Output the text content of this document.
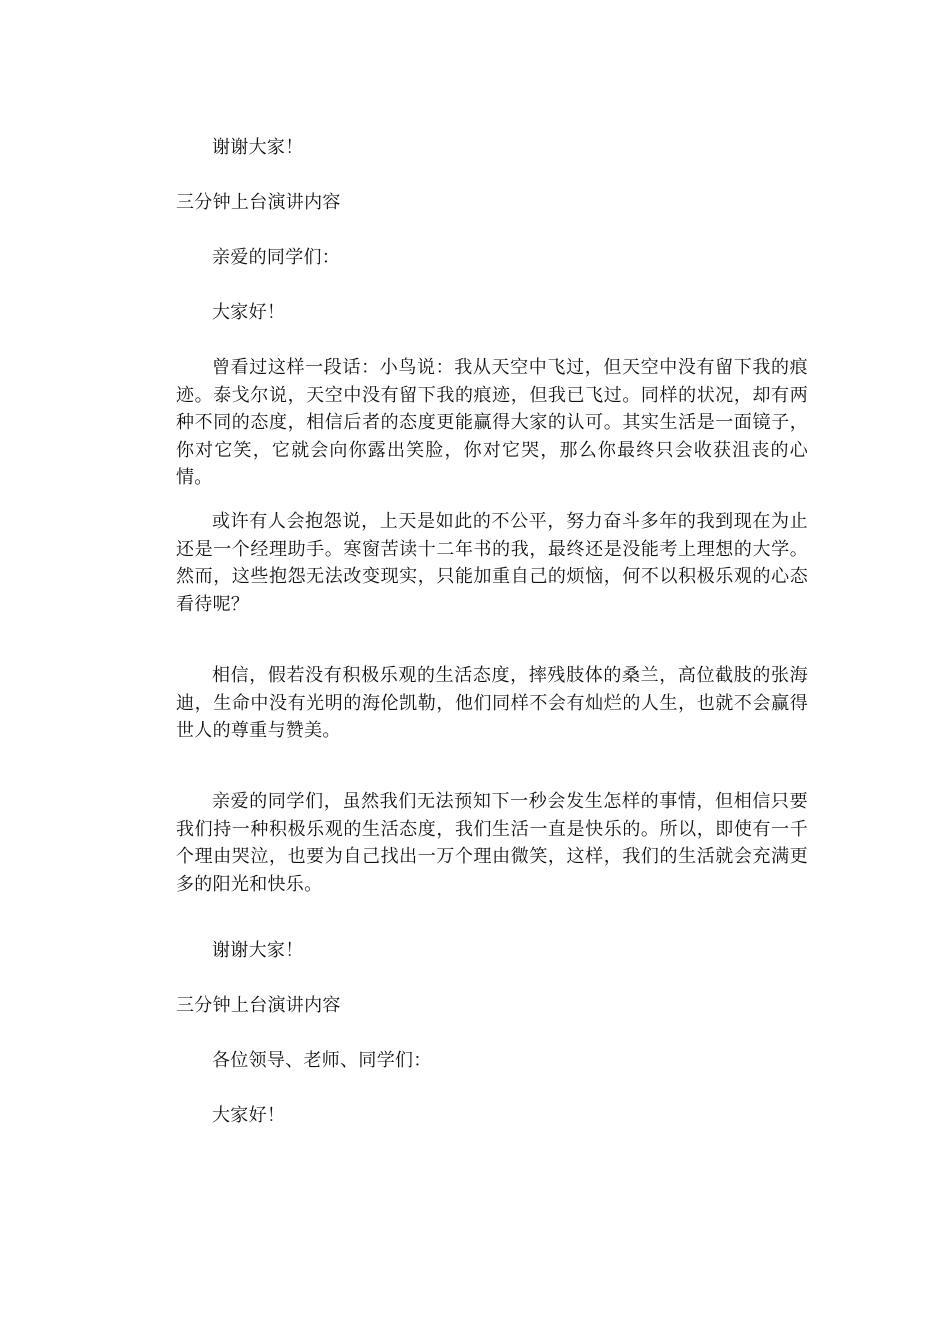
谢谢大家！

三分钟上台演讲内容

亲爱的同学们：

大家好！

曾看过这样一段话：小鸟说：我从天空中飞过，但天空中没有留下我的痕迹。泰戈尔说，天空中没有留下我的痕迹，但我已飞过。同样的状况，却有两种不同的态度，相信后者的态度更能赢得大家的认可。其实生活是一面镜子，你对它笑，它就会向你露出笑脸，你对它哭，那么你最终只会收获沮丧的心情。

或许有人会抱怨说，上天是如此的不公平，努力奋斗多年的我到现在为止还是一个经理助手。寒窗苦读十二年书的我，最终还是没能考上理想的大学。然而，这些抱怨无法改变现实，只能加重自己的烦恼，何不以积极乐观的心态看待呢？

相信，假若没有积极乐观的生活态度，摔残肢体的桑兰，高位截肢的张海迪，生命中没有光明的海伦凯勒，他们同样不会有灿烂的人生，也就不会赢得世人的尊重与赞美。

亲爱的同学们，虽然我们无法预知下一秒会发生怎样的事情，但相信只要我们持一种积极乐观的生活态度，我们生活一直是快乐的。所以，即使有一千个理由哭泣，也要为自己找出一万个理由微笑，这样，我们的生活就会充满更多的阳光和快乐。

谢谢大家！

三分钟上台演讲内容

各位领导、老师、同学们：

大家好！
